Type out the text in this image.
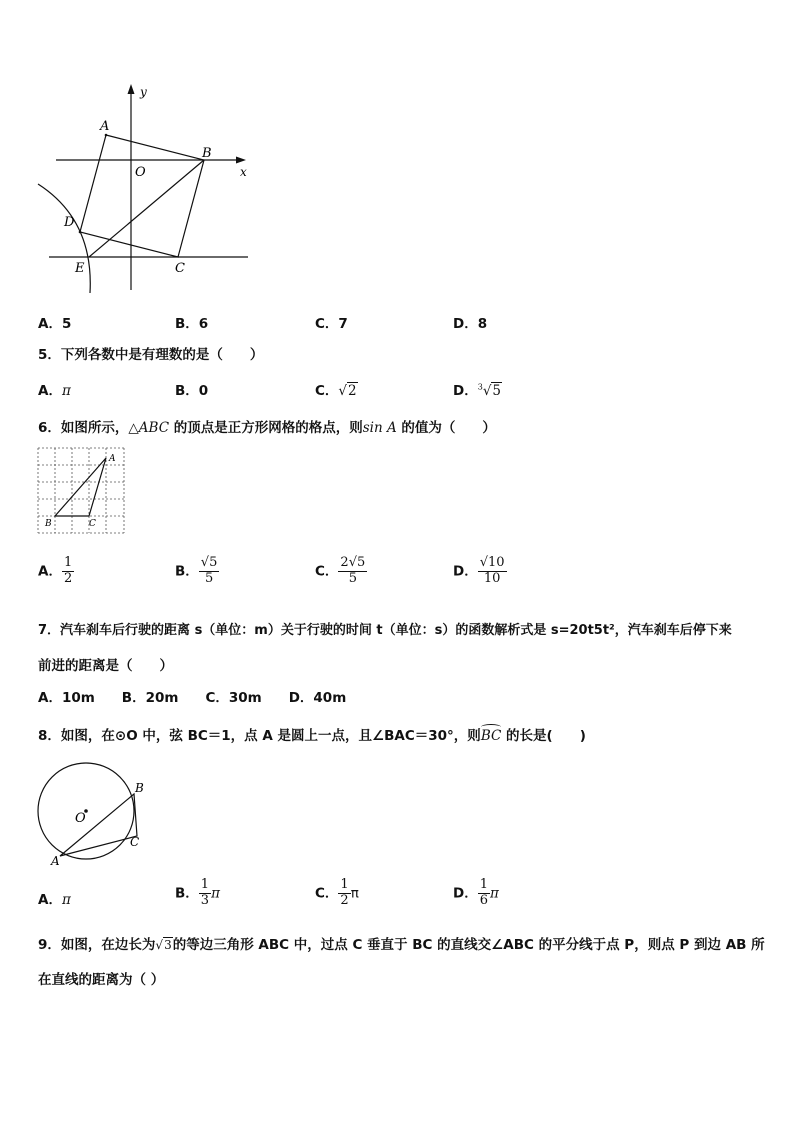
y
x
O
A
B
C
D
E
A．5	B．6	C．7	D．8
5．下列各数中是有理数的是（　　）
A．π	B．0	C．√2	D．$^3$√5
6．如图所示，△ABC 的顶点是正方形网格的格点，则sin A 的值为（　　）
A
B	C
A． $\frac{1}{2}$	B． $\frac{√5}{5}$	C． $\frac{2√5}{5}$	D． $\frac{√10}{10}$
7．汽车刹车后行驶的距离 s（单位：m）关于行驶的时间 t（单位：s）的函数解析式是 s=20t5t²，汽车刹车后停下来
前进的距离是（　　）
A．10m　　B．20m　　C．30m　　D．40m
8．如图，在⊙O 中，弦 BC＝1，点 A 是圆上一点，且∠BAC＝30°，则
BC 的长是(　　)
O
B
C
A
A．π	B． $\frac{1}{3}$ π	C． $\frac{1}{2}$ π	D． $\frac{1}{6}$ π
9．如图，在边长为√3的等边三角形 ABC 中，过点 C 垂直于 BC 的直线交∠ABC 的平分线于点 P，则点 P 到边 AB 所
在直线的距离为（ ）
